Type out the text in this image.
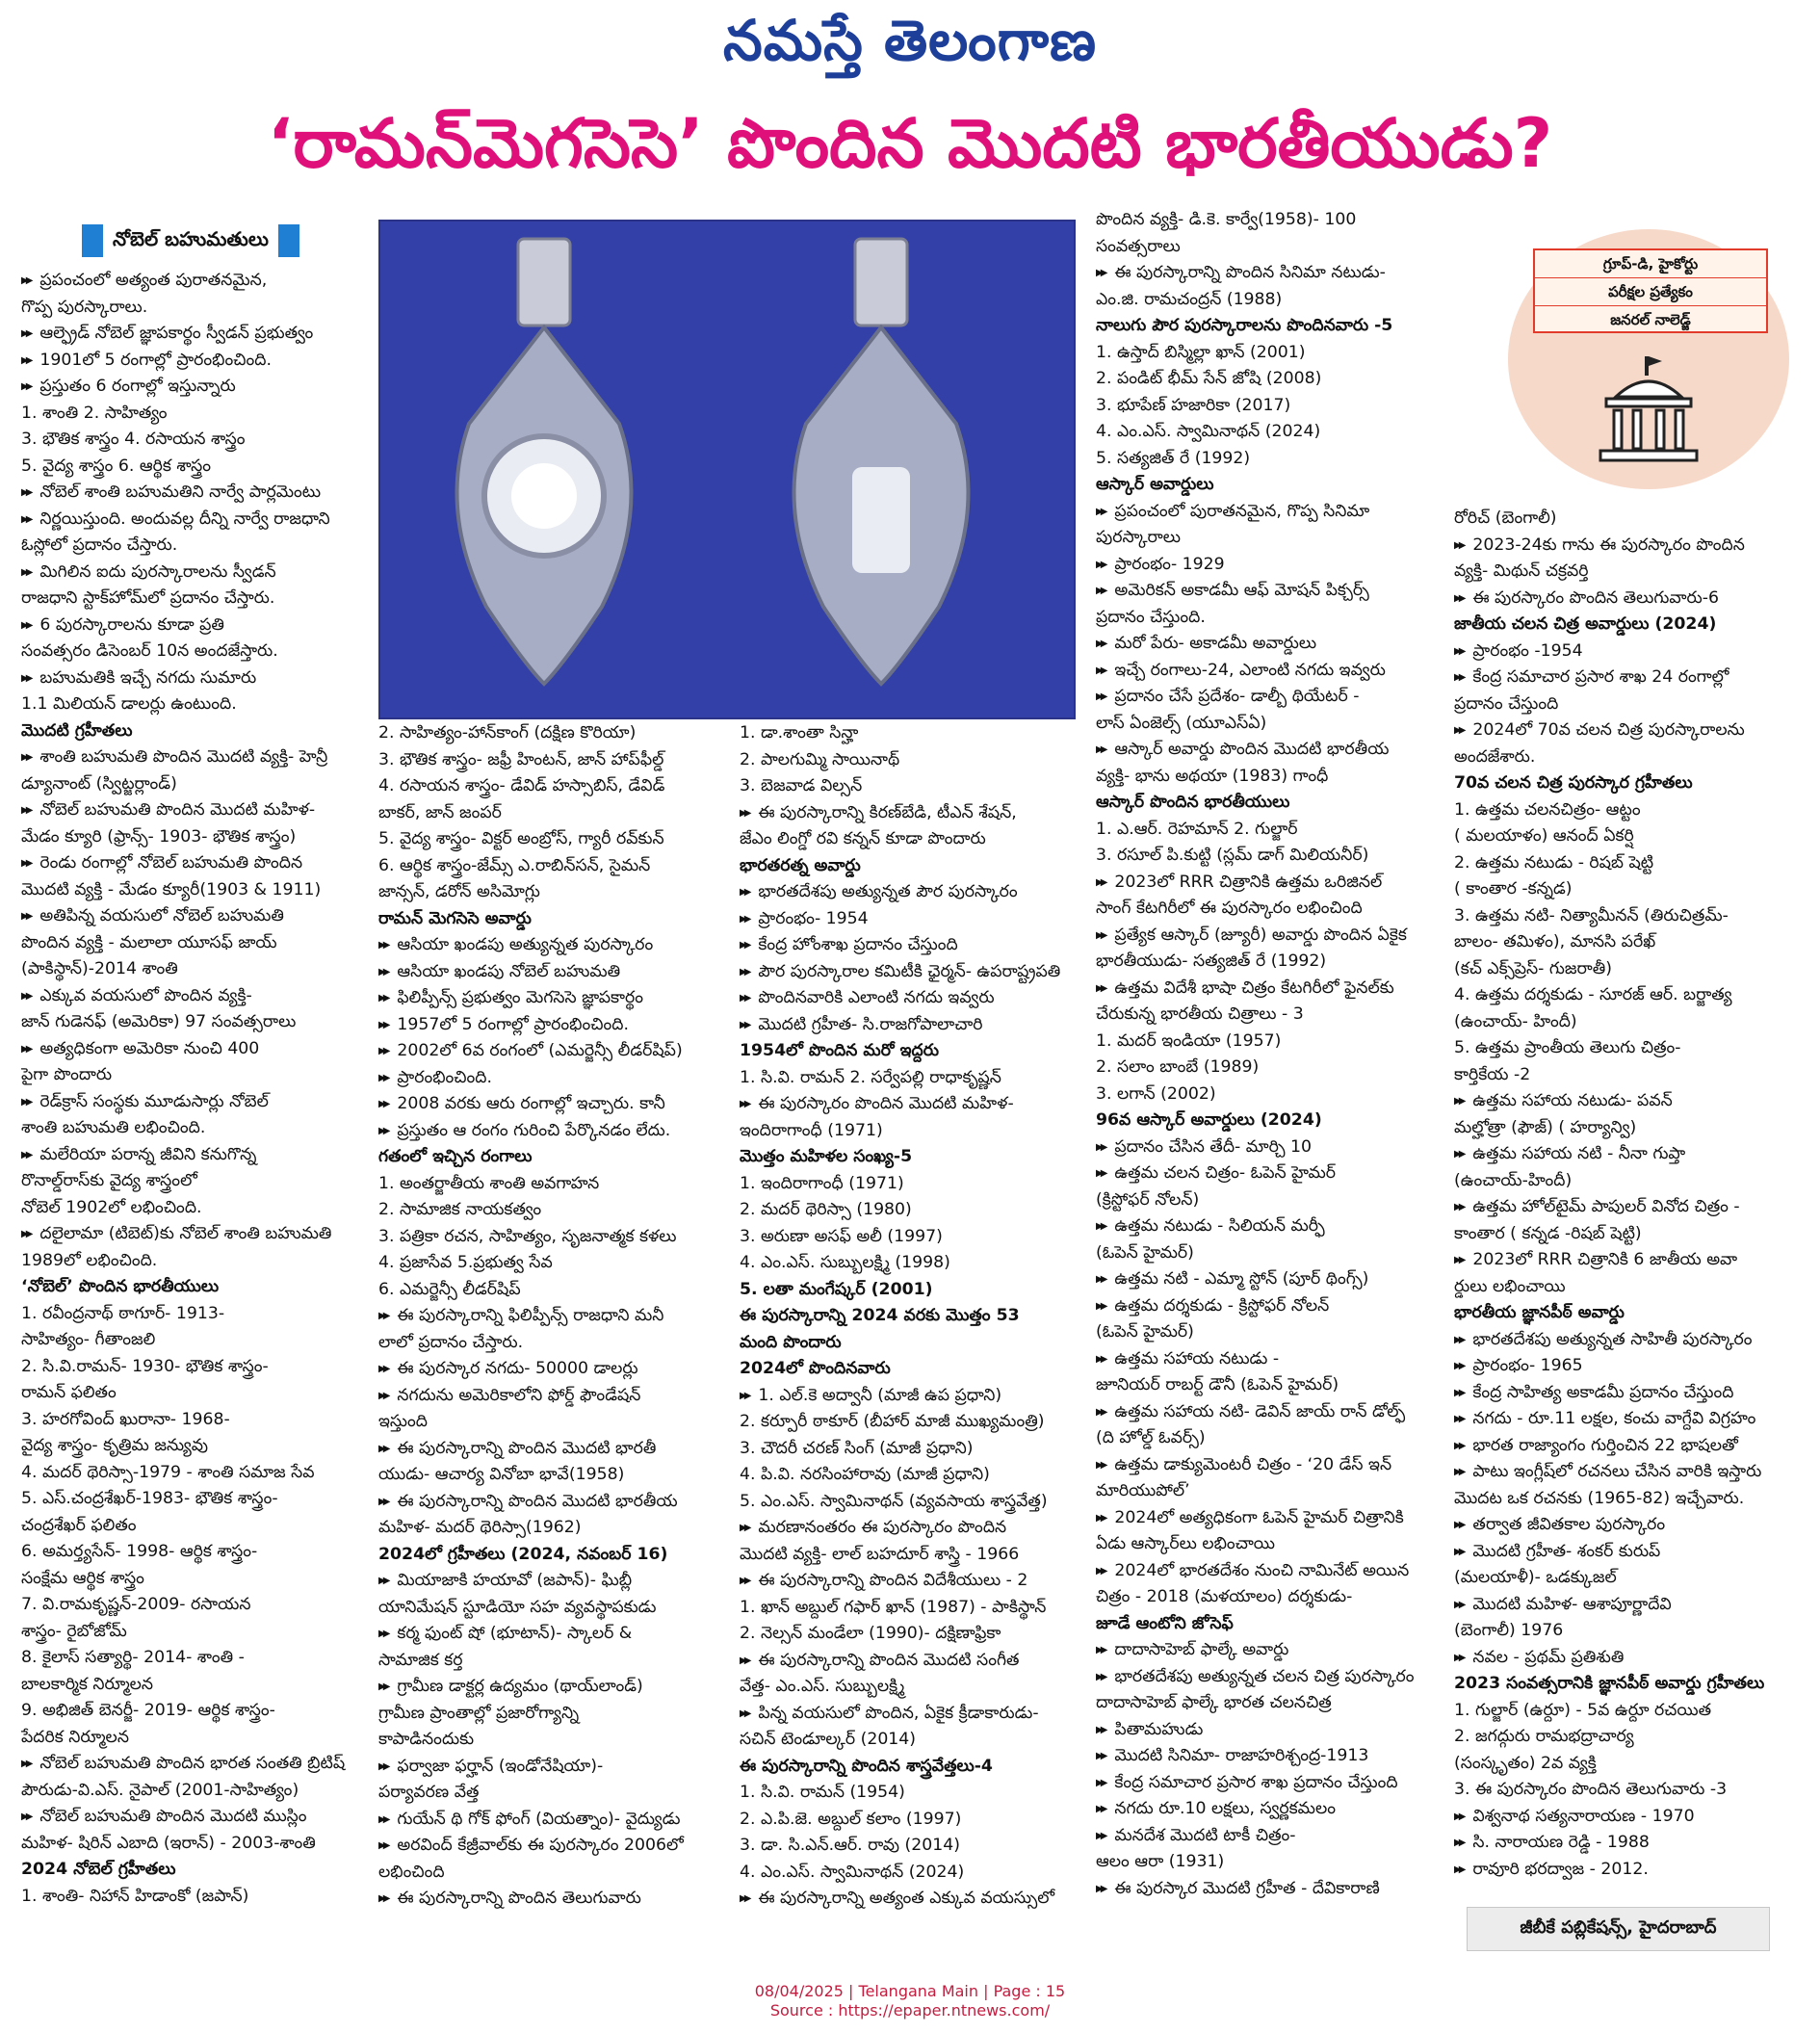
నమస్తే తెలంగాణ
‘రామన్‌మెగసెసె’ పొందిన మొదటి భారతీయుడు?
నోబెల్ బహుమతులు
గ్రూప్-డి, హైకోర్టు
పరీక్షల ప్రత్యేకం
జనరల్ నాలెడ్జ్
▶▶ ప్రపంచంలో అత్యంత పురాతనమైన,
గొప్ప పురస్కారాలు.
▶▶ ఆల్ఫ్రెడ్ నోబెల్ జ్ఞాపకార్థం స్వీడన్ ప్రభుత్వం
▶▶ 1901లో 5 రంగాల్లో ప్రారంభించింది.
▶▶ ప్రస్తుతం 6 రంగాల్లో ఇస్తున్నారు
1. శాంతి 2. సాహిత్యం
3. భౌతిక శాస్త్రం 4. రసాయన శాస్త్రం
5. వైద్య శాస్త్రం 6. ఆర్థిక శాస్త్రం
▶▶ నోబెల్ శాంతి బహుమతిని నార్వే పార్లమెంటు
▶▶ నిర్ణయిస్తుంది. అందువల్ల దీన్ని నార్వే రాజధాని
ఓస్లోలో ప్రదానం చేస్తారు.
▶▶ మిగిలిన ఐదు పురస్కారాలను స్వీడన్
రాజధాని స్టాక్‌హోమ్‌లో ప్రదానం చేస్తారు.
▶▶ 6 పురస్కారాలను కూడా ప్రతి
సంవత్సరం డిసెంబర్ 10న అందజేస్తారు.
▶▶ బహుమతికి ఇచ్చే నగదు సుమారు
1.1 మిలియన్ డాలర్లు ఉంటుంది.
మొదటి గ్రహీతలు
▶▶ శాంతి బహుమతి పొందిన మొదటి వ్యక్తి- హెన్రీ
డ్యూనాంట్ (స్విట్జర్లాండ్)
▶▶ నోబెల్ బహుమతి పొందిన మొదటి మహిళ-
మేడం క్యూరి (ఫ్రాన్స్- 1903- భౌతిక శాస్త్రం)
▶▶ రెండు రంగాల్లో నోబెల్ బహుమతి పొందిన
మొదటి వ్యక్తి - మేడం క్యూరీ(1903 & 1911)
▶▶ అతిపిన్న వయసులో నోబెల్ బహుమతి
పొందిన వ్యక్తి - మలాలా యూసఫ్ జాయ్
(పాకిస్థాన్)-2014 శాంతి
▶▶ ఎక్కువ వయసులో పొందిన వ్యక్తి-
జాన్ గుడెనఫ్ (అమెరికా) 97 సంవత్సరాలు
▶▶ అత్యధికంగా అమెరికా నుంచి 400
పైగా పొందారు
▶▶ రెడ్‌క్రాస్ సంస్థకు మూడుసార్లు నోబెల్
శాంతి బహుమతి లభించింది.
▶▶ మలేరియా పరాన్న జీవిని కనుగొన్న
రొనాల్డ్‌రాస్‌కు వైద్య శాస్త్రంలో
నోబెల్ 1902లో లభించింది.
▶▶ దలైలామా (టిబెట్)కు నోబెల్ శాంతి బహుమతి
1989లో లభించింది.
‘నోబెల్’ పొందిన భారతీయులు
1. రవీంద్రనాథ్ ఠాగూర్- 1913-
సాహిత్యం- గీతాంజలి
2. సి.వి.రామన్- 1930- భౌతిక శాస్త్రం-
రామన్ ఫలితం
3. హరగోవింద్ ఖురానా- 1968-
వైద్య శాస్త్రం- కృత్రిమ జన్యువు
4. మదర్ థెరిస్సా-1979 - శాంతి సమాజ సేవ
5. ఎస్.చంద్రశేఖర్-1983- భౌతిక శాస్త్రం-
చంద్రశేఖర్ ఫలితం
6. అమర్త్యసేన్- 1998- ఆర్థిక శాస్త్రం-
సంక్షేమ ఆర్థిక శాస్త్రం
7. వి.రామకృష్ణన్-2009- రసాయన
శాస్త్రం- రైబోజోమ్
8. కైలాస్ సత్యార్థి- 2014- శాంతి -
బాలకార్మిక నిర్మూలన
9. అభిజిత్ బెనర్జీ- 2019- ఆర్థిక శాస్త్రం-
పేదరిక నిర్మూలన
▶▶ నోబెల్ బహుమతి పొందిన భారత సంతతి బ్రిటిష్
పౌరుడు-వి.ఎస్. నైపాల్ (2001-సాహిత్యం)
▶▶ నోబెల్ బహుమతి పొందిన మొదటి ముస్లిం
మహిళ- షిరిన్ ఎబాది (ఇరాన్) - 2003-శాంతి
2024 నోబెల్ గ్రహీతలు
1. శాంతి- నిహాన్ హిడాంకో (జపాన్)
2. సాహిత్యం-హాన్‌కాంగ్ (దక్షిణ కొరియా)
3. భౌతిక శాస్త్రం- జఫ్రీ హింటన్, జాన్ హాప్‌ఫీల్డ్
4. రసాయన శాస్త్రం- డేవిడ్ హస్సాబిస్, డేవిడ్
బాకర్, జాన్ జంపర్
5. వైద్య శాస్త్రం- విక్టర్ అంబ్రోస్, గ్యారీ రవ్‌కున్
6. ఆర్థిక శాస్త్రం-జేమ్స్ ఎ.రాబిన్‌సన్, సైమన్
జాన్సన్, డరోన్ అసిమోగ్లు
రామన్ మెగసెసె అవార్డు
▶▶ ఆసియా ఖండపు అత్యున్నత పురస్కారం
▶▶ ఆసియా ఖండపు నోబెల్ బహుమతి
▶▶ ఫిలిప్పీన్స్ ప్రభుత్వం మెగసెసె జ్ఞాపకార్థం
▶▶ 1957లో 5 రంగాల్లో ప్రారంభించింది.
▶▶ 2002లో 6వ రంగంలో (ఎమర్జెన్సీ లీడర్‌షిప్)
▶▶ ప్రారంభించింది.
▶▶ 2008 వరకు ఆరు రంగాల్లో ఇచ్చారు. కానీ
▶▶ ప్రస్తుతం ఆ రంగం గురించి పేర్కొనడం లేదు.
గతంలో ఇచ్చిన రంగాలు
1. అంతర్జాతీయ శాంతి అవగాహన
2. సామాజిక నాయకత్వం
3. పత్రికా రచన, సాహిత్యం, సృజనాత్మక కళలు
4. ప్రజాసేవ 5.ప్రభుత్వ సేవ
6. ఎమర్జెన్సీ లీడర్‌షిప్
▶▶ ఈ పురస్కారాన్ని ఫిలిప్పీన్స్ రాజధాని మనీ
లాలో ప్రదానం చేస్తారు.
▶▶ ఈ పురస్కార నగదు- 50000 డాలర్లు
▶▶ నగదును అమెరికాలోని ఫోర్డ్ ఫౌండేషన్
ఇస్తుంది
▶▶ ఈ పురస్కారాన్ని పొందిన మొదటి భారతీ
యుడు- ఆచార్య వినోబా భావే(1958)
▶▶ ఈ పురస్కారాన్ని పొందిన మొదటి భారతీయ
మహిళ- మదర్ థెరిస్సా(1962)
2024లో గ్రహీతలు (2024, నవంబర్ 16)
▶▶ మియాజాకి హయావో (జపాన్)- ఘిబ్లీ
యానిమేషన్ స్టూడియో సహ వ్యవస్థాపకుడు
▶▶ కర్మ ఫుంట్ షో (భూటాన్)- స్కాలర్ &
సామాజిక కర్త
▶▶ గ్రామీణ డాక్టర్ల ఉద్యమం (థాయ్‌లాండ్)
గ్రామీణ ప్రాంతాల్లో ప్రజారోగ్యాన్ని
కాపాడినందుకు
▶▶ ఫర్వాజా ఫర్హాన్ (ఇండోనేషియా)-
పర్యావరణ వేత్త
▶▶ గుయేన్ థి గోక్ ఫోంగ్ (వియత్నాం)- వైద్యుడు
▶▶ అరవింద్ కేజ్రీవాల్‌కు ఈ పురస్కారం 2006లో
లభించింది
▶▶ ఈ పురస్కారాన్ని పొందిన తెలుగువారు
1. డా.శాంతా సిన్హా
2. పాలగుమ్మి సాయినాథ్
3. బెజవాడ విల్సన్
▶▶ ఈ పురస్కారాన్ని కిరణ్‌బేడి, టీఎన్ శేషన్,
జేఎం లింగ్డో రవి కన్నన్ కూడా పొందారు
భారతరత్న అవార్డు
▶▶ భారతదేశపు అత్యున్నత పౌర పురస్కారం
▶▶ ప్రారంభం- 1954
▶▶ కేంద్ర హోంశాఖ ప్రదానం చేస్తుంది
▶▶ పౌర పురస్కారాల కమిటీకి ఛైర్మన్- ఉపరాష్ట్రపతి
▶▶ పొందినవారికి ఎలాంటి నగదు ఇవ్వరు
▶▶ మొదటి గ్రహీత- సి.రాజగోపాలాచారి
1954లో పొందిన మరో ఇద్దరు
1. సి.వి. రామన్ 2. సర్వేపల్లి రాధాకృష్ణన్
▶▶ ఈ పురస్కారం పొందిన మొదటి మహిళ-
ఇందిరాగాంధీ (1971)
మొత్తం మహిళల సంఖ్య-5
1. ఇందిరాగాంధీ (1971)
2. మదర్ థెరిస్సా (1980)
3. అరుణా అసఫ్ అలీ (1997)
4. ఎం.ఎస్. సుబ్బులక్ష్మి (1998)
5. లతా మంగేష్కర్ (2001)
ఈ పురస్కారాన్ని 2024 వరకు మొత్తం 53
మంది పొందారు
2024లో పొందినవారు
▶▶ 1. ఎల్.కె అద్వానీ (మాజీ ఉప ప్రధాని)
2. కర్పూరీ ఠాకూర్ (బీహార్ మాజీ ముఖ్యమంత్రి)
3. చౌదరీ చరణ్ సింగ్ (మాజీ ప్రధాని)
4. పి.వి. నరసింహారావు (మాజీ ప్రధాని)
5. ఎం.ఎస్. స్వామినాథన్ (వ్యవసాయ శాస్త్రవేత్త)
▶▶ మరణానంతరం ఈ పురస్కారం పొందిన
మొదటి వ్యక్తి- లాల్ బహదూర్ శాస్త్రి - 1966
▶▶ ఈ పురస్కారాన్ని పొందిన విదేశీయులు - 2
1. ఖాన్ అబ్దుల్ గఫార్ ఖాన్ (1987) - పాకిస్థాన్
2. నెల్సన్ మండేలా (1990)- దక్షిణాఫ్రికా
▶▶ ఈ పురస్కారాన్ని పొందిన మొదటి సంగీత
వేత్త- ఎం.ఎస్. సుబ్బులక్ష్మి
▶▶ పిన్న వయసులో పొందిన, ఏకైక క్రీడాకారుడు-
సచిన్ టెండూల్కర్ (2014)
ఈ పురస్కారాన్ని పొందిన శాస్త్రవేత్తలు-4
1. సి.వి. రామన్ (1954)
2. ఎ.పి.జె. అబ్దుల్ కలాం (1997)
3. డా. సి.ఎన్.ఆర్. రావు (2014)
4. ఎం.ఎస్. స్వామినాథన్ (2024)
▶▶ ఈ పురస్కారాన్ని అత్యంత ఎక్కువ వయస్సులో
పొందిన వ్యక్తి- డి.కె. కార్వే(1958)- 100
సంవత్సరాలు
▶▶ ఈ పురస్కారాన్ని పొందిన సినిమా నటుడు-
ఎం.జి. రామచంద్రన్ (1988)
నాలుగు పౌర పురస్కారాలను పొందినవారు -5
1. ఉస్తాద్ బిస్మిల్లా ఖాన్ (2001)
2. పండిట్ భీమ్ సేన్ జోషి (2008)
3. భూపేణ్ హజారికా (2017)
4. ఎం.ఎస్. స్వామినాథన్ (2024)
5. సత్యజిత్ రే (1992)
ఆస్కార్ అవార్డులు
▶▶ ప్రపంచంలో పురాతనమైన, గొప్ప సినిమా
పురస్కారాలు
▶▶ ప్రారంభం- 1929
▶▶ అమెరికన్ అకాడమీ ఆఫ్ మోషన్ పిక్చర్స్
ప్రదానం చేస్తుంది.
▶▶ మరో పేరు- అకాడమీ అవార్డులు
▶▶ ఇచ్చే రంగాలు-24, ఎలాంటి నగదు ఇవ్వరు
▶▶ ప్రదానం చేసే ప్రదేశం- డాల్బీ థియేటర్ -
లాస్ ఏంజెల్స్ (యూఎస్ఏ)
▶▶ ఆస్కార్ అవార్డు పొందిన మొదటి భారతీయ
వ్యక్తి- భాను అథయా (1983) గాంధీ
ఆస్కార్ పొందిన భారతీయులు
1. ఎ.ఆర్. రెహమాన్ 2. గుల్జార్
3. రసూల్ పి.కుట్టి (స్లమ్ డాగ్ మిలియనీర్)
▶▶ 2023లో RRR చిత్రానికి ఉత్తమ ఒరిజినల్
సాంగ్ కేటగిరీలో ఈ పురస్కారం లభించింది
▶▶ ప్రత్యేక ఆస్కార్ (జ్యూరీ) అవార్డు పొందిన ఏకైక
భారతీయుడు- సత్యజిత్ రే (1992)
▶▶ ఉత్తమ విదేశీ భాషా చిత్రం కేటగిరీలో ఫైనల్‌కు
చేరుకున్న భారతీయ చిత్రాలు - 3
1. మదర్ ఇండియా (1957)
2. సలాం బాంబే (1989)
3. లగాన్ (2002)
96వ ఆస్కార్ అవార్డులు (2024)
▶▶ ప్రదానం చేసిన తేదీ- మార్చి 10
▶▶ ఉత్తమ చలన చిత్రం- ఓపెన్ హైమర్
(క్రిస్టోఫర్ నోలన్)
▶▶ ఉత్తమ నటుడు - సిలియన్ మర్ఫీ
(ఓపెన్ హైమర్)
▶▶ ఉత్తమ నటి - ఎమ్మా స్టోన్ (పూర్ థింగ్స్)
▶▶ ఉత్తమ దర్శకుడు - క్రిస్టోఫర్ నోలన్
(ఓపెన్ హైమర్)
▶▶ ఉత్తమ సహాయ నటుడు -
జూనియర్ రాబర్ట్ డౌనీ (ఓపెన్ హైమర్)
▶▶ ఉత్తమ సహాయ నటి- డెవిన్ జాయ్ రాన్ డోల్ఫ్
(ది హోల్డ్ ఓవర్స్)
▶▶ ఉత్తమ డాక్యుమెంటరీ చిత్రం - ‘20 డేస్ ఇన్
మారియుపోల్’
▶▶ 2024లో అత్యధికంగా ఓపెన్ హైమర్ చిత్రానికి
ఏడు ఆస్కార్‌లు లభించాయి
▶▶ 2024లో భారతదేశం నుంచి నామినేట్ అయిన
చిత్రం - 2018 (మళయాలం) దర్శకుడు-
జూడే ఆంటోని జోసెఫ్
▶▶ దాదాసాహెబ్ ఫాల్కే అవార్డు
▶▶ భారతదేశపు అత్యున్నత చలన చిత్ర పురస్కారం
దాదాసాహెబ్ ఫాల్కే భారత చలనచిత్ర
▶▶ పితామహుడు
▶▶ మొదటి సినిమా- రాజాహరిశ్చంద్ర-1913
▶▶ కేంద్ర సమాచార ప్రసార శాఖ ప్రదానం చేస్తుంది
▶▶ నగదు రూ.10 లక్షలు, స్వర్ణకమలం
▶▶ మనదేశ మొదటి టాకీ చిత్రం-
ఆలం ఆరా (1931)
▶▶ ఈ పురస్కార మొదటి గ్రహీత - దేవికారాణి
రోరిచ్ (బెంగాలీ)
▶▶ 2023-24కు గాను ఈ పురస్కారం పొందిన
వ్యక్తి- మిథున్ చక్రవర్తి
▶▶ ఈ పురస్కారం పొందిన తెలుగువారు-6
జాతీయ చలన చిత్ర అవార్డులు (2024)
▶▶ ప్రారంభం -1954
▶▶ కేంద్ర సమాచార ప్రసార శాఖ 24 రంగాల్లో
ప్రదానం చేస్తుంది
▶▶ 2024లో 70వ చలన చిత్ర పురస్కారాలను
అందజేశారు.
70వ చలన చిత్ర పురస్కార గ్రహీతలు
1. ఉత్తమ చలనచిత్రం- ఆట్టం
( మలయాళం) ఆనంద్ ఏకర్షి
2. ఉత్తమ నటుడు - రిషబ్ షెట్టి
( కాంతార -కన్నడ)
3. ఉత్తమ నటి- నిత్యామీనన్ (తిరుచిత్రమ్-
బాలం- తమిళం), మానసి పరేఖ్
(కచ్ ఎక్స్‌ప్రెస్- గుజరాతీ)
4. ఉత్తమ దర్శకుడు - సూరజ్ ఆర్. బర్జాత్య
(ఉంచాయ్- హిందీ)
5. ఉత్తమ ప్రాంతీయ తెలుగు చిత్రం-
కార్తికేయ -2
▶▶ ఉత్తమ సహాయ నటుడు- పవన్
మల్హోత్రా (ఫౌజ్) ( హర్యాన్వి)
▶▶ ఉత్తమ సహాయ నటి - నీనా గుప్తా
(ఉంచాయ్-హిందీ)
▶▶ ఉత్తమ హోల్‌టైమ్ పాపులర్ వినోద చిత్రం -
కాంతార ( కన్నడ -రిషబ్ షెట్టి)
▶▶ 2023లో RRR చిత్రానికి 6 జాతీయ అవా
ర్డులు లభించాయి
భారతీయ జ్ఞానపీఠ్ అవార్డు
▶▶ భారతదేశపు అత్యున్నత సాహితీ పురస్కారం
▶▶ ప్రారంభం- 1965
▶▶ కేంద్ర సాహిత్య అకాడమీ ప్రదానం చేస్తుంది
▶▶ నగదు - రూ.11 లక్షల, కంచు వాగ్దేవి విగ్రహం
▶▶ భారత రాజ్యాంగం గుర్తించిన 22 భాషలతో
▶▶ పాటు ఇంగ్లీష్‌లో రచనలు చేసిన వారికి ఇస్తారు
మొదట ఒక రచనకు (1965-82) ఇచ్చేవారు.
▶▶ తర్వాత జీవితకాల పురస్కారం
▶▶ మొదటి గ్రహీత- శంకర్ కురుప్
(మలయాళీ)- ఒడక్కుజల్
▶▶ మొదటి మహిళ- ఆశాపూర్ణాదేవి
(బెంగాలీ) 1976
▶▶ నవల - ప్రథమ్ ప్రతిశుతి
2023 సంవత్సరానికి జ్ఞానపీఠ్ అవార్డు గ్రహీతలు
1. గుల్జార్ (ఉర్దూ) - 5వ ఉర్దూ రచయిత
2. జగద్గురు రామభద్రాచార్య
(సంస్కృతం) 2వ వ్యక్తి
3. ఈ పురస్కారం పొందిన తెలుగువారు -3
▶▶ విశ్వనాథ సత్యనారాయణ - 1970
▶▶ సి. నారాయణ రెడ్డి - 1988
▶▶ రావూరి భరద్వాజ - 2012.
జీబీకే పబ్లికేషన్స్, హైదరాబాద్
08/04/2025 | Telangana Main | Page : 15
Source : https://epaper.ntnews.com/
